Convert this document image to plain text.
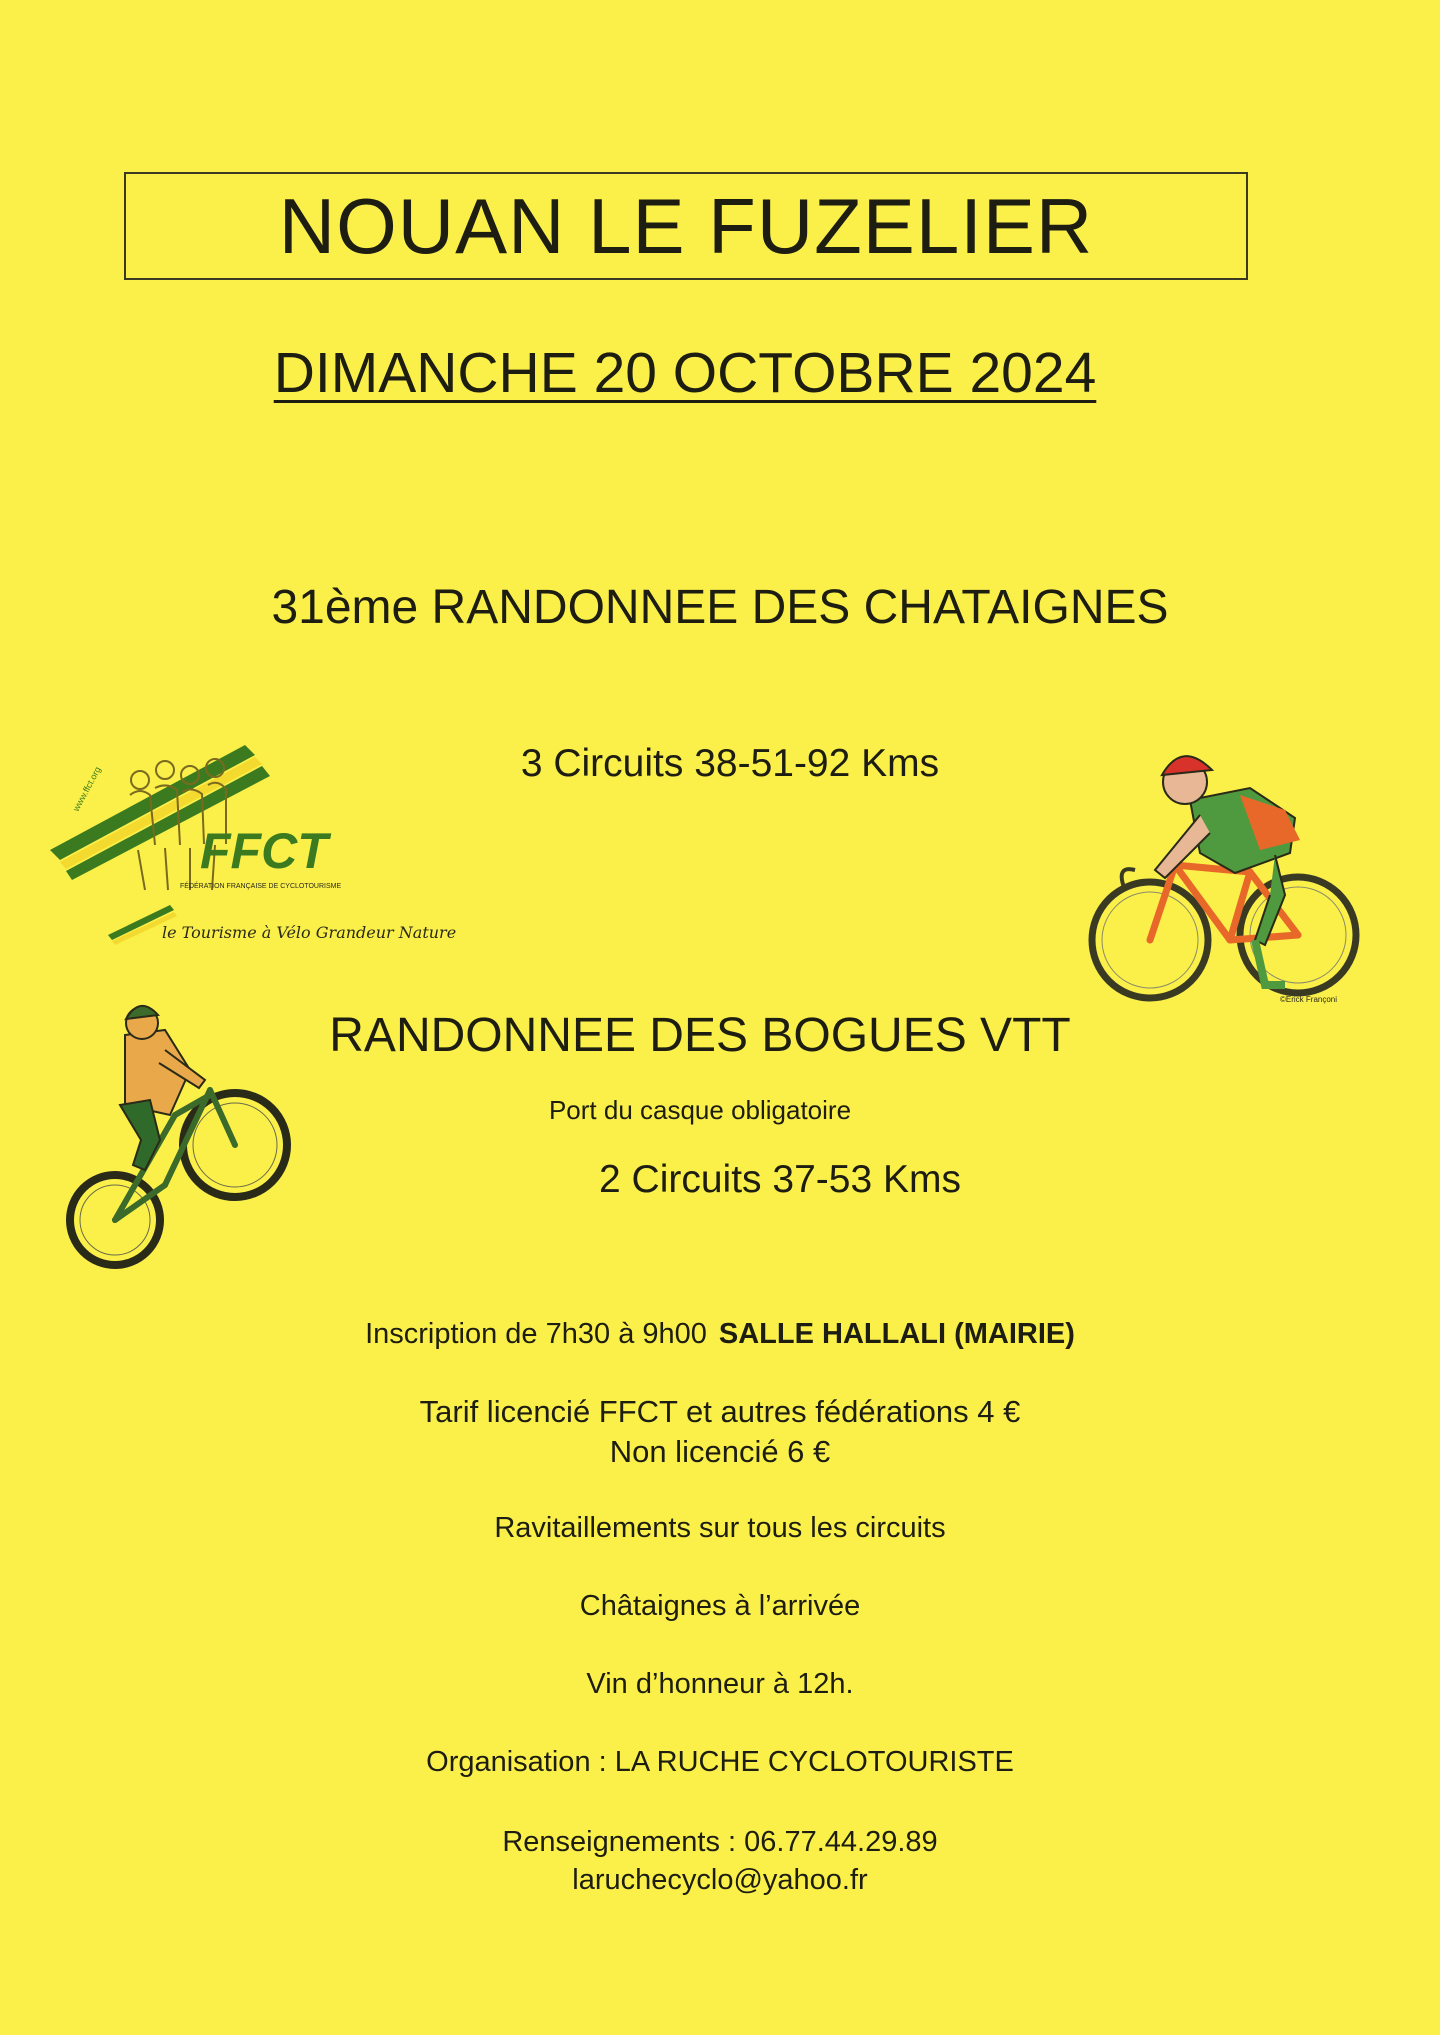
NOUAN LE FUZELIER
DIMANCHE 20 OCTOBRE 2024
31ème RANDONNEE DES CHATAIGNES
3 Circuits 38-51-92 Kms
www.ffct.org
FFCT
FÉDÉRATION FRANÇAISE DE CYCLOTOURISME
le Tourisme à Vélo Grandeur Nature
©Erick Françoni
RANDONNEE DES BOGUES VTT
Port du casque obligatoire
2 Circuits 37-53 Kms
Inscription de 7h30 à 9h00 SALLE HALLALI (MAIRIE)
Tarif licencié FFCT et autres fédérations 4 €
Non licencié 6 €
Ravitaillements sur tous les circuits
Châtaignes à l’arrivée
Vin d’honneur à 12h.
Organisation : LA RUCHE CYCLOTOURISTE
Renseignements : 06.77.44.29.89
laruchecyclo@yahoo.fr
